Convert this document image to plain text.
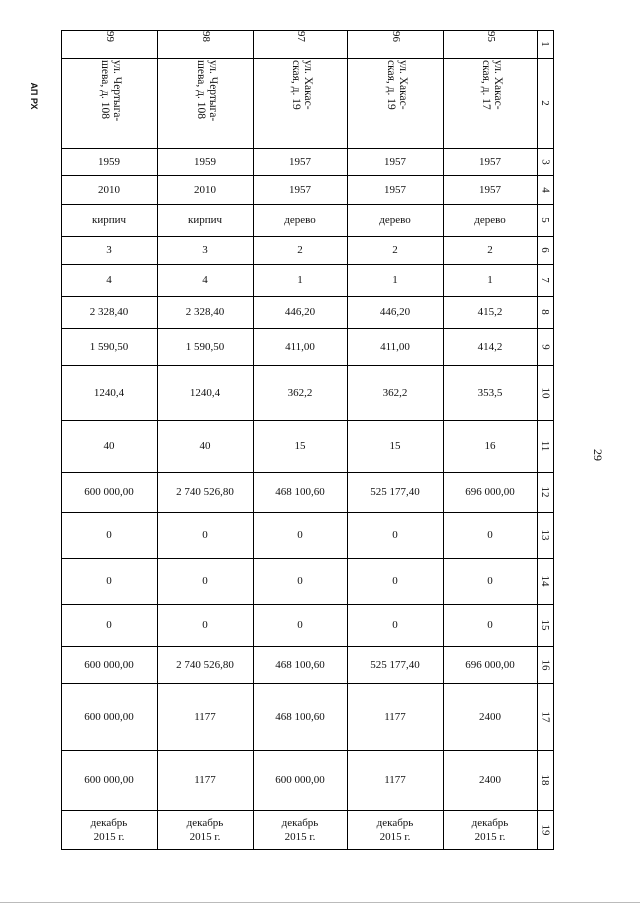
АП РХ
29
1
2
3
4
5
6
7
8
9
10
11
12
13
14
15
16
17
18
19
95
ул. Хакас-
ская, д. 17
1957
1957
дерево
2
1
415,2
414,2
353,5
16
696 000,00
0
0
0
696 000,00
2400
2400
декабрь
2015 г.
96
ул. Хакас-
ская, д. 19
1957
1957
дерево
2
1
446,20
411,00
362,2
15
525 177,40
0
0
0
525 177,40
1177
1177
декабрь
2015 г.
97
ул. Хакас-
ская, д. 19
1957
1957
дерево
2
1
446,20
411,00
362,2
15
468 100,60
0
0
0
468 100,60
468 100,60
600 000,00
декабрь
2015 г.
98
ул. Чертыга-
шева, д. 108
1959
2010
кирпич
3
4
2 328,40
1 590,50
1240,4
40
2 740 526,80
0
0
0
2 740 526,80
1177
1177
декабрь
2015 г.
99
ул. Чертыга-
шева, д. 108
1959
2010
кирпич
3
4
2 328,40
1 590,50
1240,4
40
600 000,00
0
0
0
600 000,00
600 000,00
600 000,00
декабрь
2015 г.
